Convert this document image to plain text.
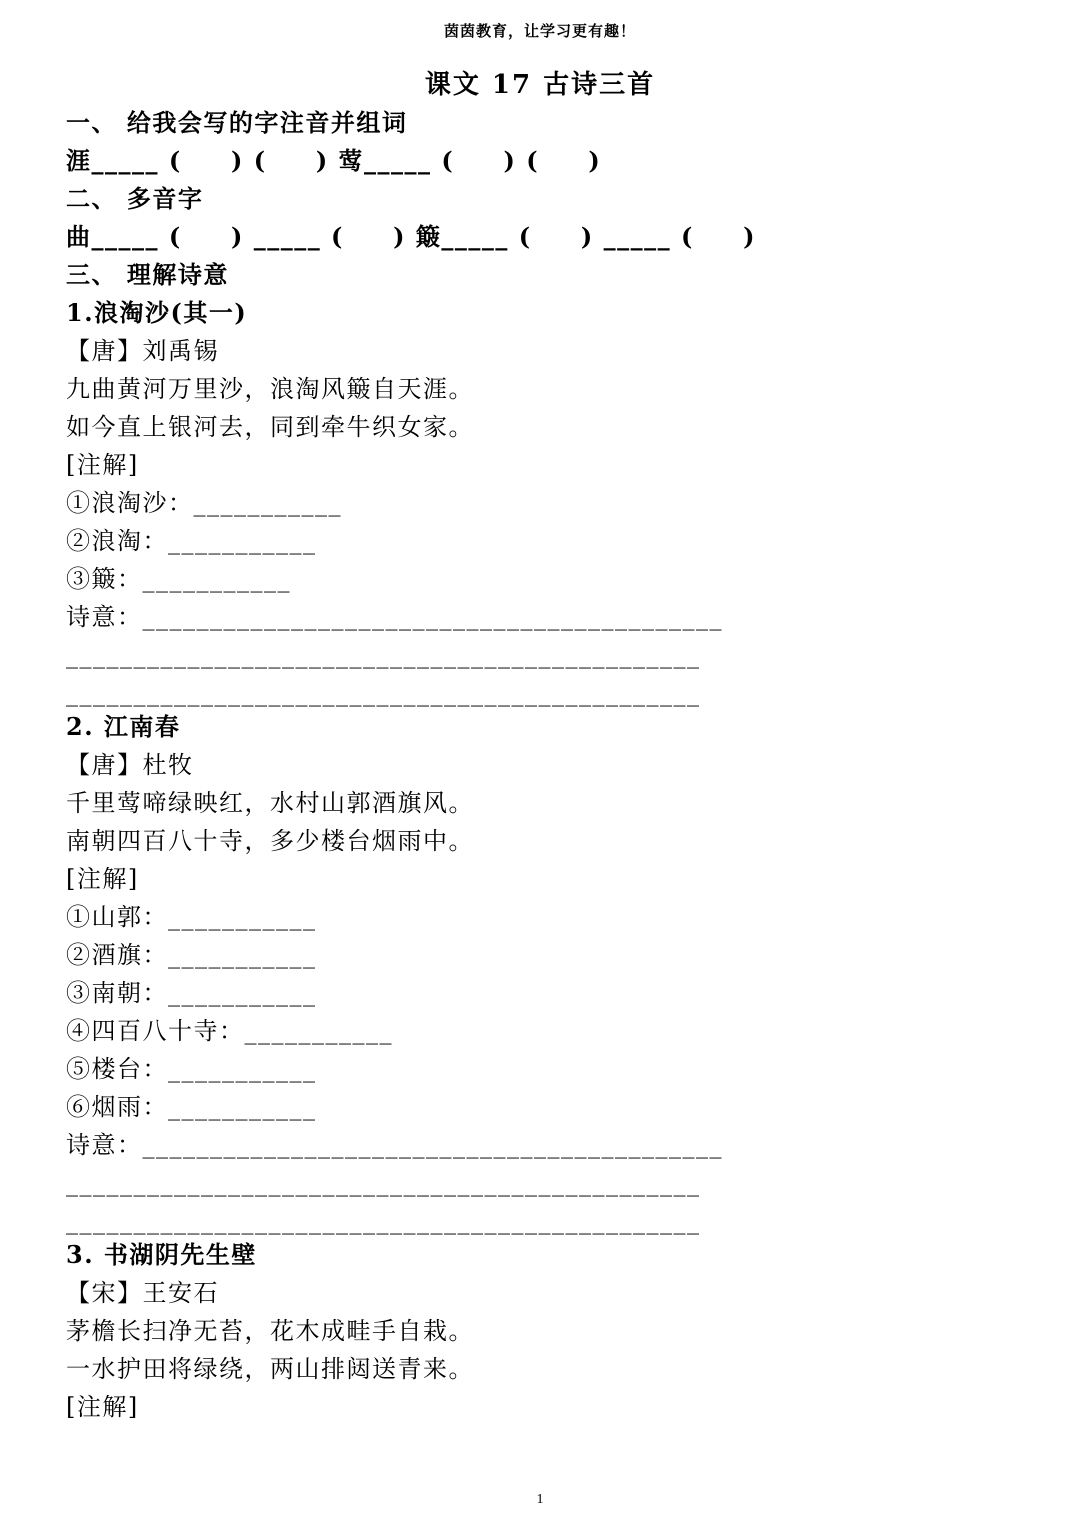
茵茵教育，让学习更有趣！
课文 17 古诗三首
一、 给我会写的字注音并组词
涯_____ (     ) (     ) 莺_____ (     ) (     )
二、 多音字
曲_____ (     ) _____ (     ) 簸_____ (     ) _____ (     )
三、 理解诗意
1.浪淘沙(其一)
【唐】刘禹锡
九曲黄河万里沙，浪淘风簸自天涯。
如今直上银河去，同到牵牛织女家。
[注解]
①浪淘沙：___________
②浪淘：___________
③簸：___________
诗意：___________________________________________
_______________________________________________
_______________________________________________
2. 江南春
【唐】杜牧
千里莺啼绿映红，水村山郭酒旗风。
南朝四百八十寺，多少楼台烟雨中。
[注解]
①山郭：___________
②酒旗：___________
③南朝：___________
④四百八十寺：___________
⑤楼台：___________
⑥烟雨：___________
诗意：___________________________________________
_______________________________________________
_______________________________________________
3. 书湖阴先生壁
【宋】王安石
茅檐长扫净无苔，花木成畦手自栽。
一水护田将绿绕，两山排闼送青来。
[注解]
1
